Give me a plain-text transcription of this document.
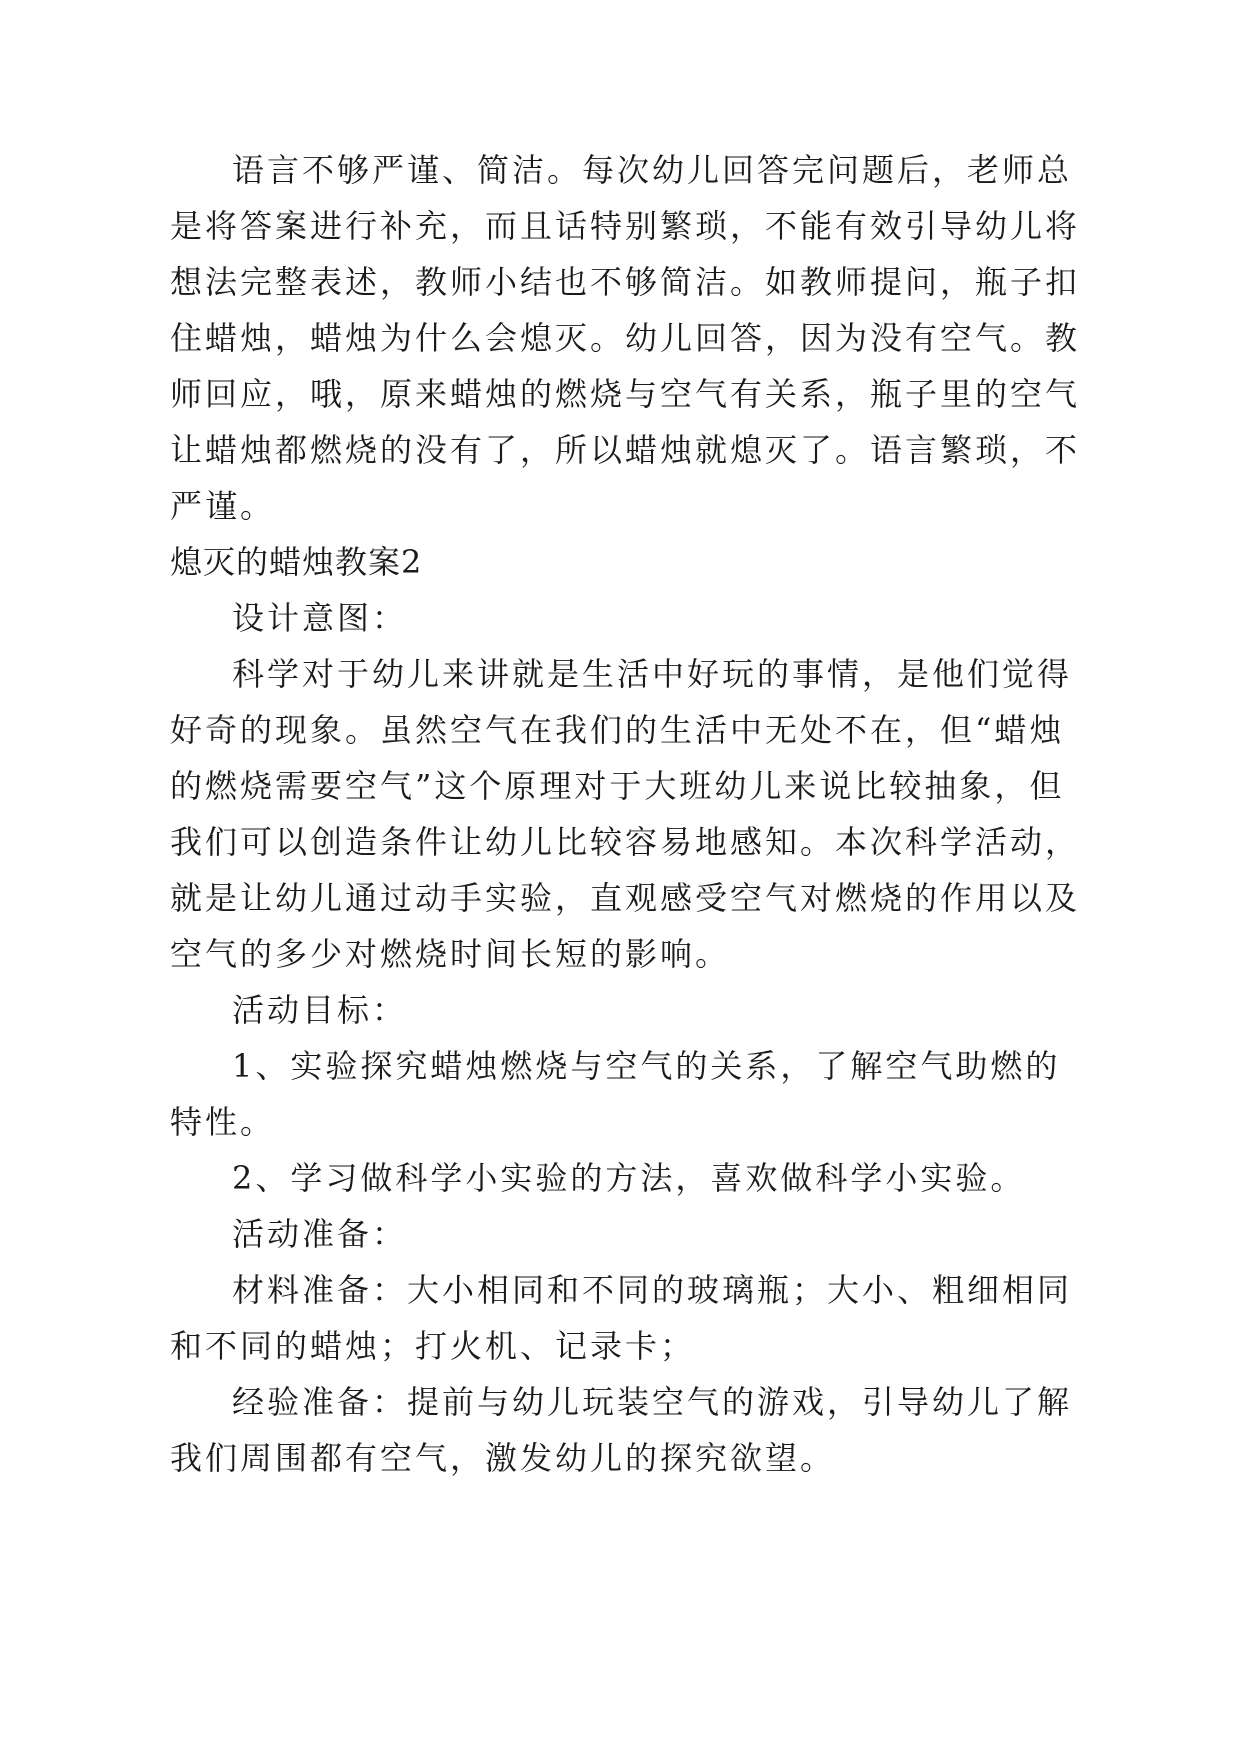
语言不够严谨、简洁。每次幼儿回答完问题后，老师总
是将答案进行补充，而且话特别繁琐，不能有效引导幼儿将
想法完整表述，教师小结也不够简洁。如教师提问，瓶子扣
住蜡烛，蜡烛为什么会熄灭。幼儿回答，因为没有空气。教
师回应，哦，原来蜡烛的燃烧与空气有关系，瓶子里的空气
让蜡烛都燃烧的没有了，所以蜡烛就熄灭了。语言繁琐，不
严谨。
熄灭的蜡烛教案2
设计意图：
科学对于幼儿来讲就是生活中好玩的事情，是他们觉得
好奇的现象。虽然空气在我们的生活中无处不在，但“蜡烛
的燃烧需要空气”这个原理对于大班幼儿来说比较抽象，但
我们可以创造条件让幼儿比较容易地感知。本次科学活动，
就是让幼儿通过动手实验，直观感受空气对燃烧的作用以及
空气的多少对燃烧时间长短的影响。
活动目标：
1、实验探究蜡烛燃烧与空气的关系，了解空气助燃的
特性。
2、学习做科学小实验的方法，喜欢做科学小实验。
活动准备：
材料准备：大小相同和不同的玻璃瓶；大小、粗细相同
和不同的蜡烛；打火机、记录卡；
经验准备：提前与幼儿玩装空气的游戏，引导幼儿了解
我们周围都有空气，激发幼儿的探究欲望。
